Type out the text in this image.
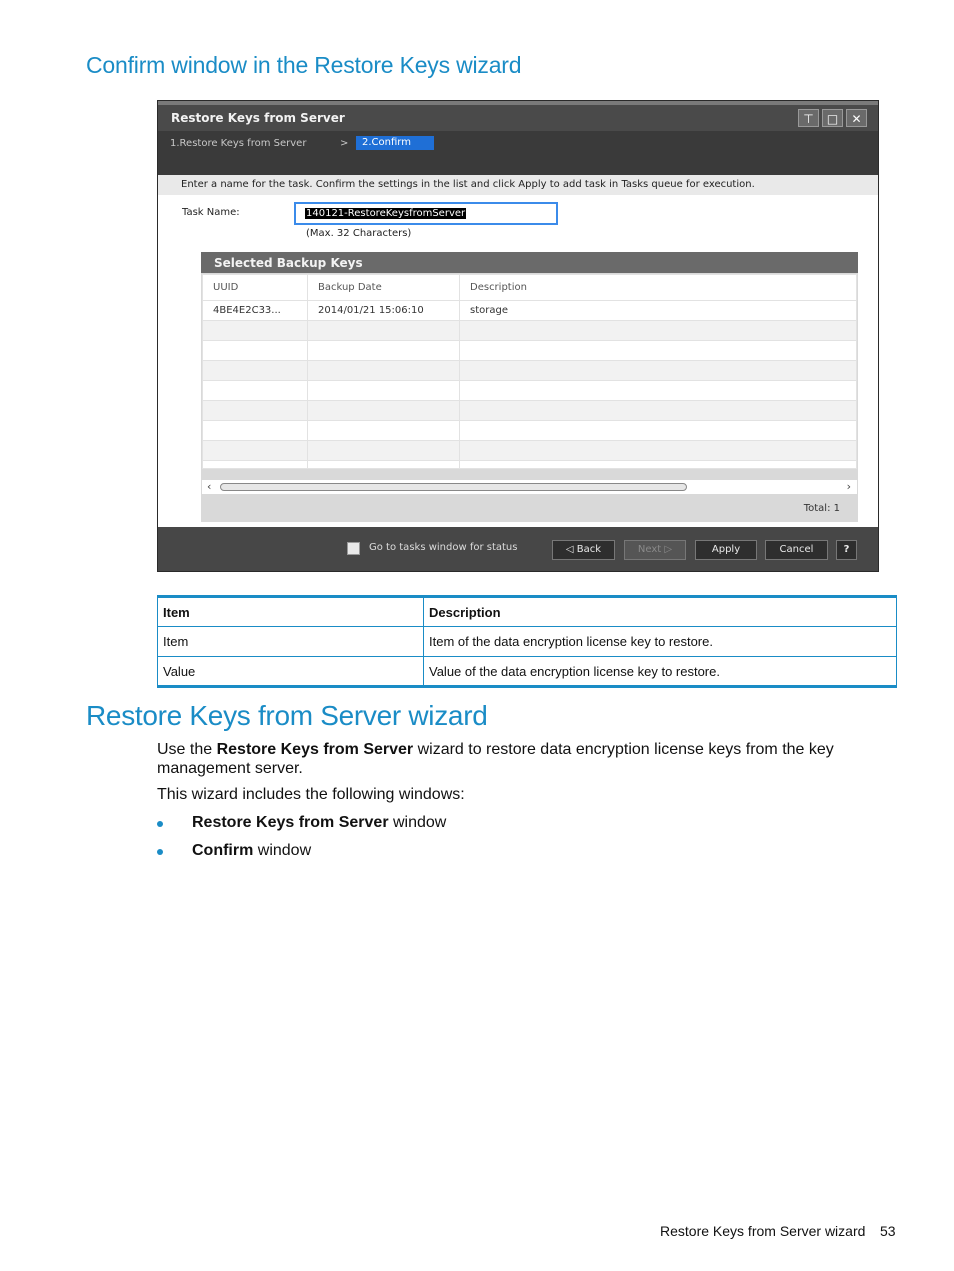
Confirm window in the Restore Keys wizard
Restore Keys from Server	⊤	□	✕
1.Restore Keys from Server	>	2.Confirm
Enter a name for the task. Confirm the settings in the list and click Apply to add task in Tasks queue for execution.
Task Name:	140121-RestoreKeysfromServer
(Max. 32 Characters)
Selected Backup Keys
UUID	Backup Date	Description
4BE4E2C33...	2014/01/21 15:06:10	storage

‹	›
Total: 1
Go to tasks window for status	◁ Back	Next ▷	Apply	Cancel	?
Item	Description
Item	Item of the data encryption license key to restore.
Value	Value of the data encryption license key to restore.
Restore Keys from Server wizard
Use the Restore Keys from Server wizard to restore data encryption license keys from the key management server.
This wizard includes the following windows:
Restore Keys from Server window
Confirm window
Restore Keys from Server wizard 53
